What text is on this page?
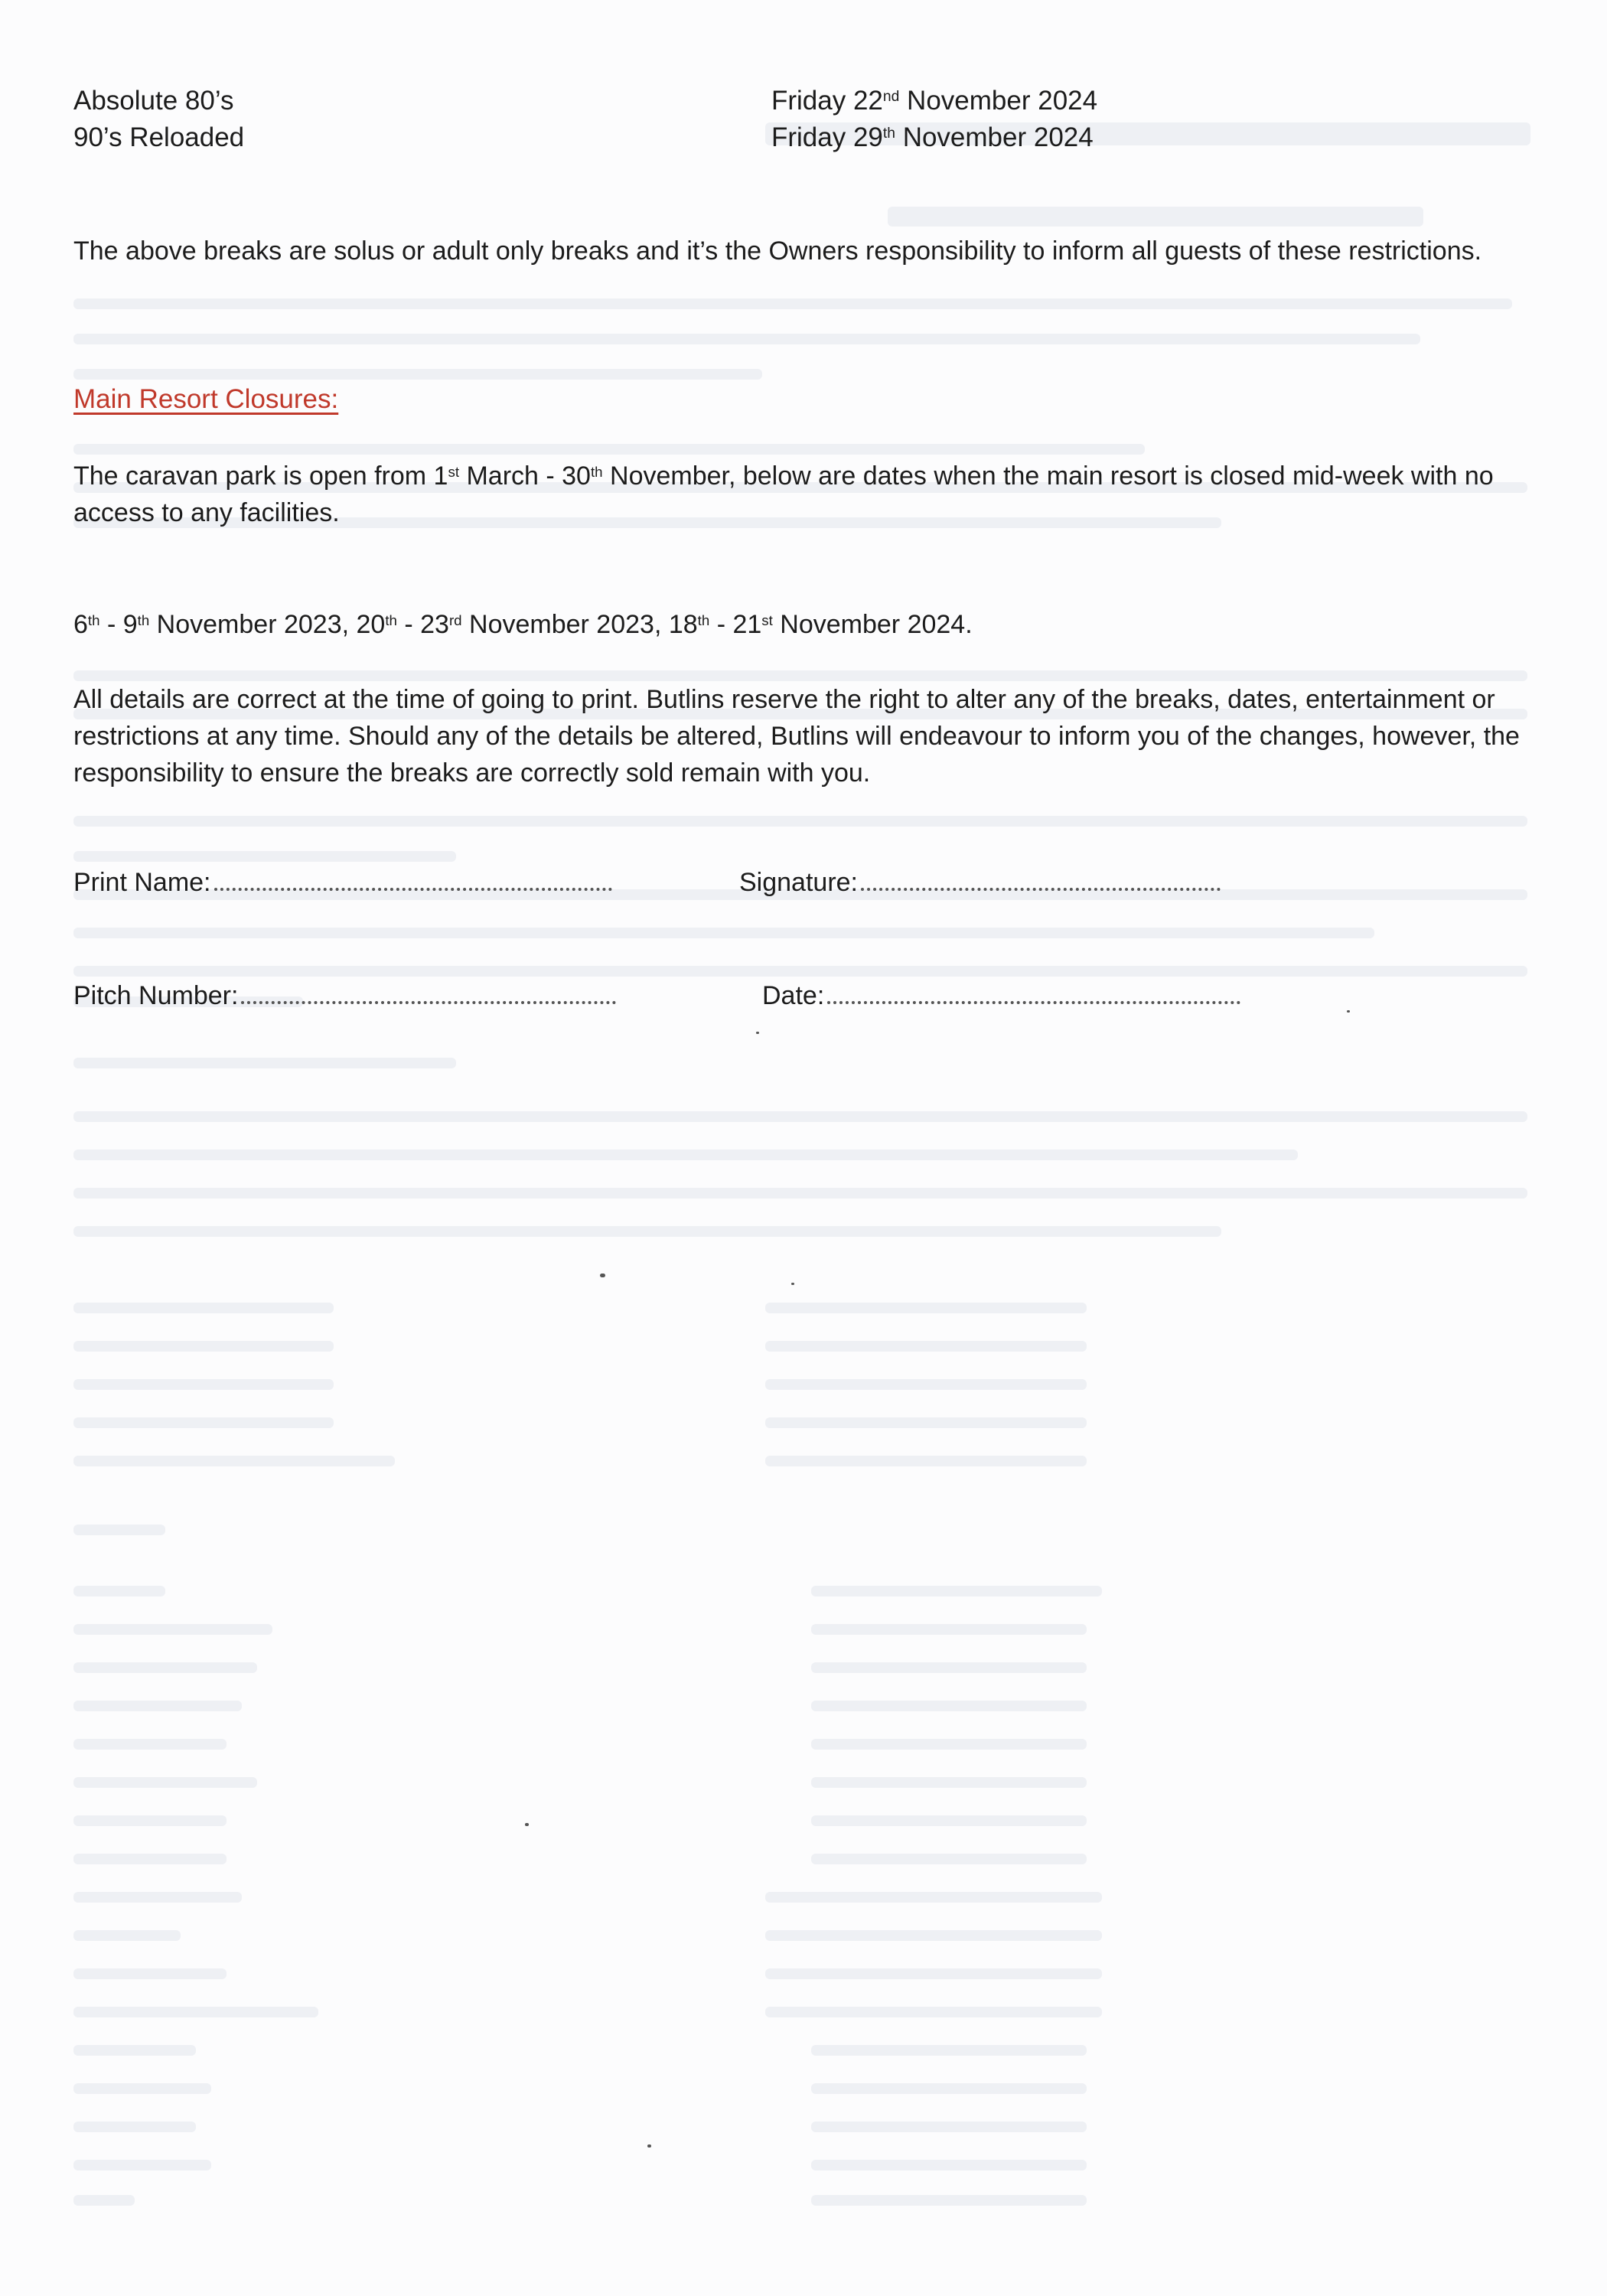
Absolute 80’s	Friday 22nd November 2024
90’s Reloaded	Friday 29th November 2024
The above breaks are solus or adult only breaks and it’s the Owners responsibility to inform all guests of these restrictions.
Main Resort Closures:
The caravan park is open from 1st March - 30th November, below are dates when the main resort is closed mid-week with no access to any facilities.
6th - 9th November 2023, 20th - 23rd November 2023, 18th - 21st November 2024.
All details are correct at the time of going to print. Butlins reserve the right to alter any of the breaks, dates, entertainment or restrictions at any time. Should any of the details be altered, Butlins will endeavour to inform you of the changes, however, the responsibility to ensure the breaks are correctly sold remain with you.
Print Name:	Signature:
Pitch Number:	Date:
